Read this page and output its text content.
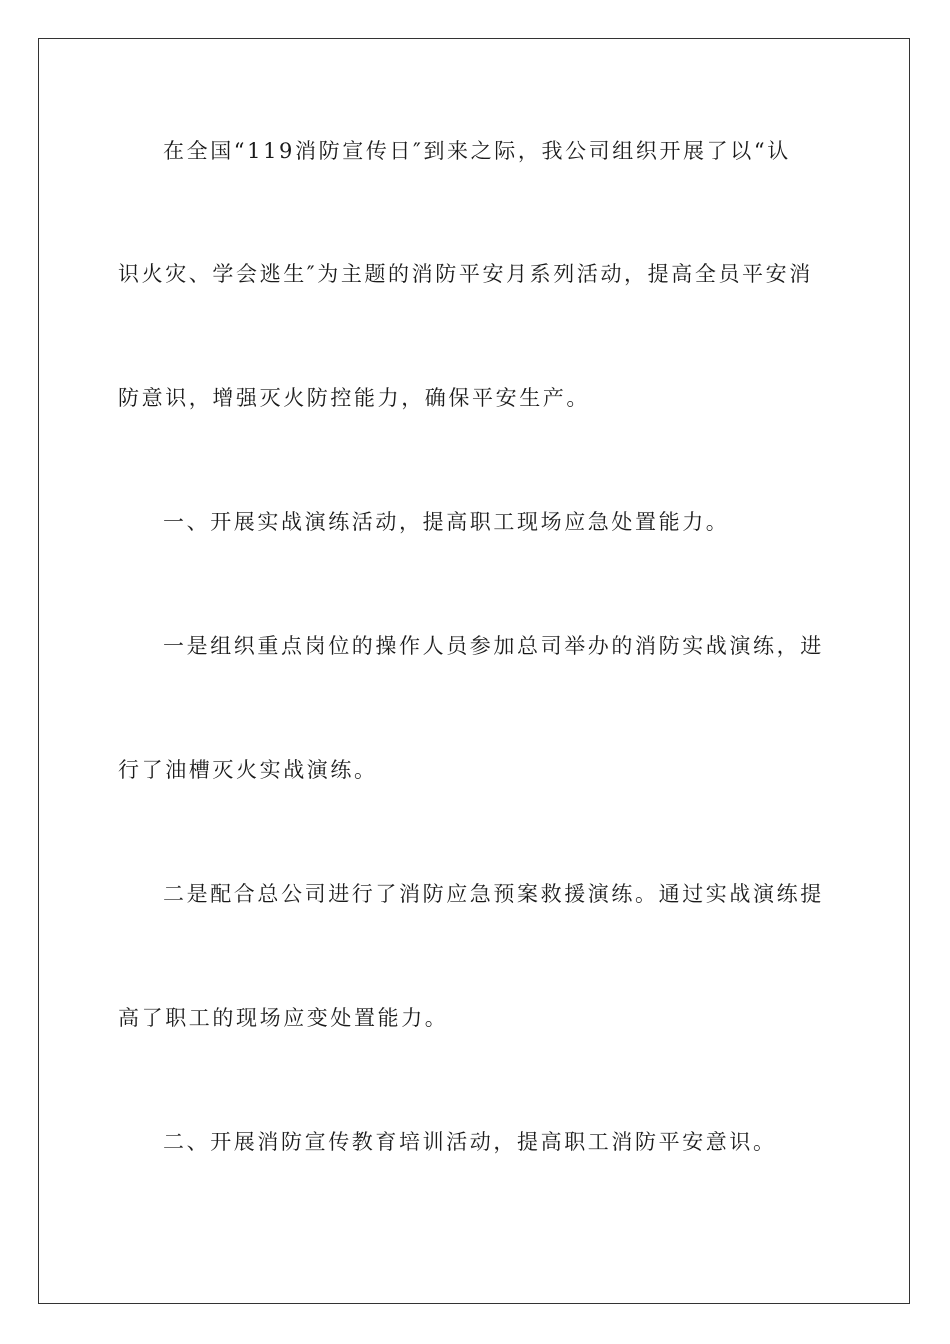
在全国“119消防宣传日″到来之际，我公司组织开展了以“认
识火灾、学会逃生″为主题的消防平安月系列活动，提高全员平安消
防意识，增强灭火防控能力，确保平安生产。
一、开展实战演练活动，提高职工现场应急处置能力。
一是组织重点岗位的操作人员参加总司举办的消防实战演练，进
行了油槽灭火实战演练。
二是配合总公司进行了消防应急预案救援演练。通过实战演练提
高了职工的现场应变处置能力。
二、开展消防宣传教育培训活动，提高职工消防平安意识。
